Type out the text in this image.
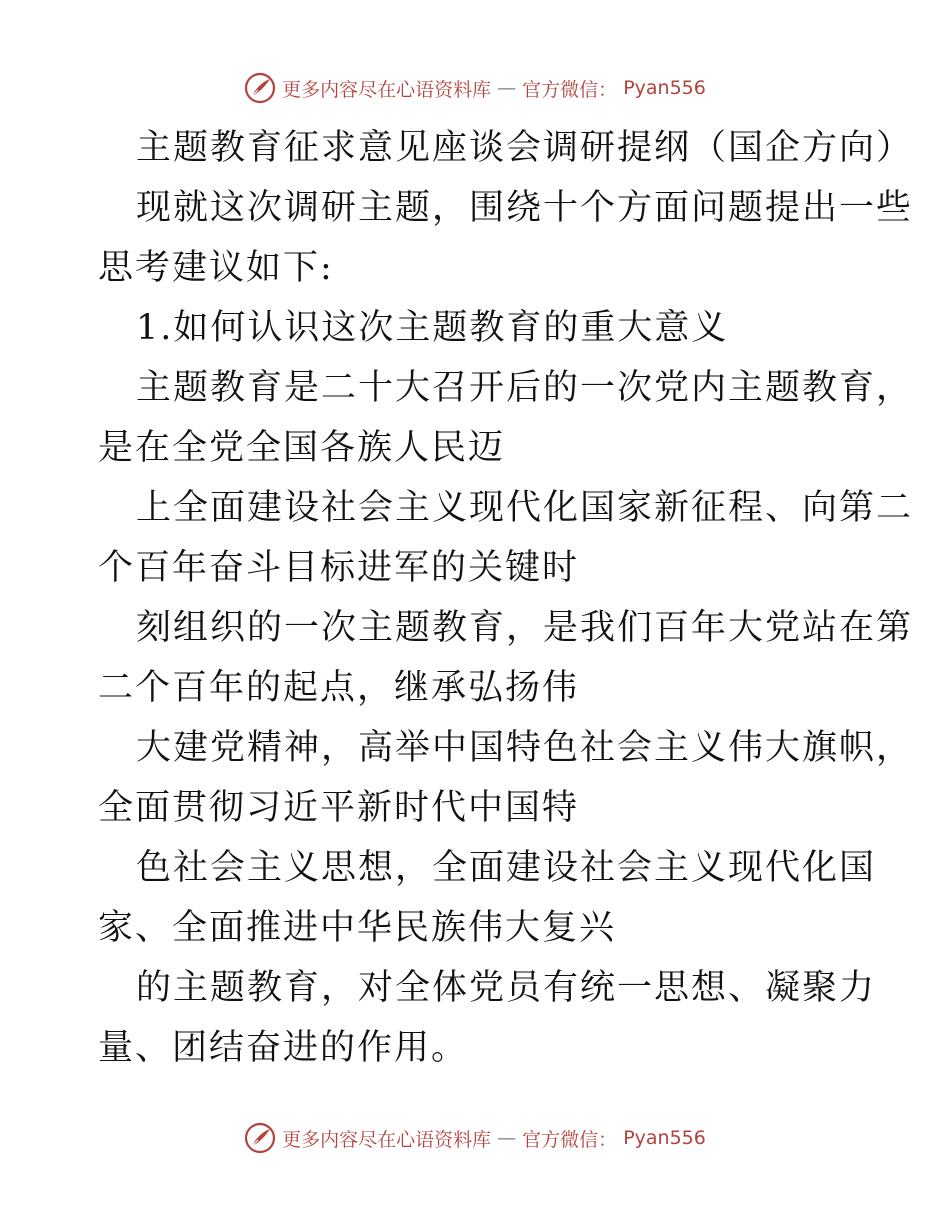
更多内容尽在心语资料库 — 官方微信： Pyan556
主题教育征求意见座谈会调研提纲（国企方向）
现就这次调研主题，围绕十个方面问题提出一些
思考建议如下:
1.如何认识这次主题教育的重大意义
主题教育是二十大召开后的一次党内主题教育，
是在全党全国各族人民迈
上全面建设社会主义现代化国家新征程、向第二
个百年奋斗目标进军的关键时
刻组织的一次主题教育，是我们百年大党站在第
二个百年的起点，继承弘扬伟
大建党精神，高举中国特色社会主义伟大旗帜，
全面贯彻习近平新时代中国特
色社会主义思想，全面建设社会主义现代化国
家、全面推进中华民族伟大复兴
的主题教育，对全体党员有统一思想、凝聚力
量、团结奋进的作用。
更多内容尽在心语资料库 — 官方微信： Pyan556
